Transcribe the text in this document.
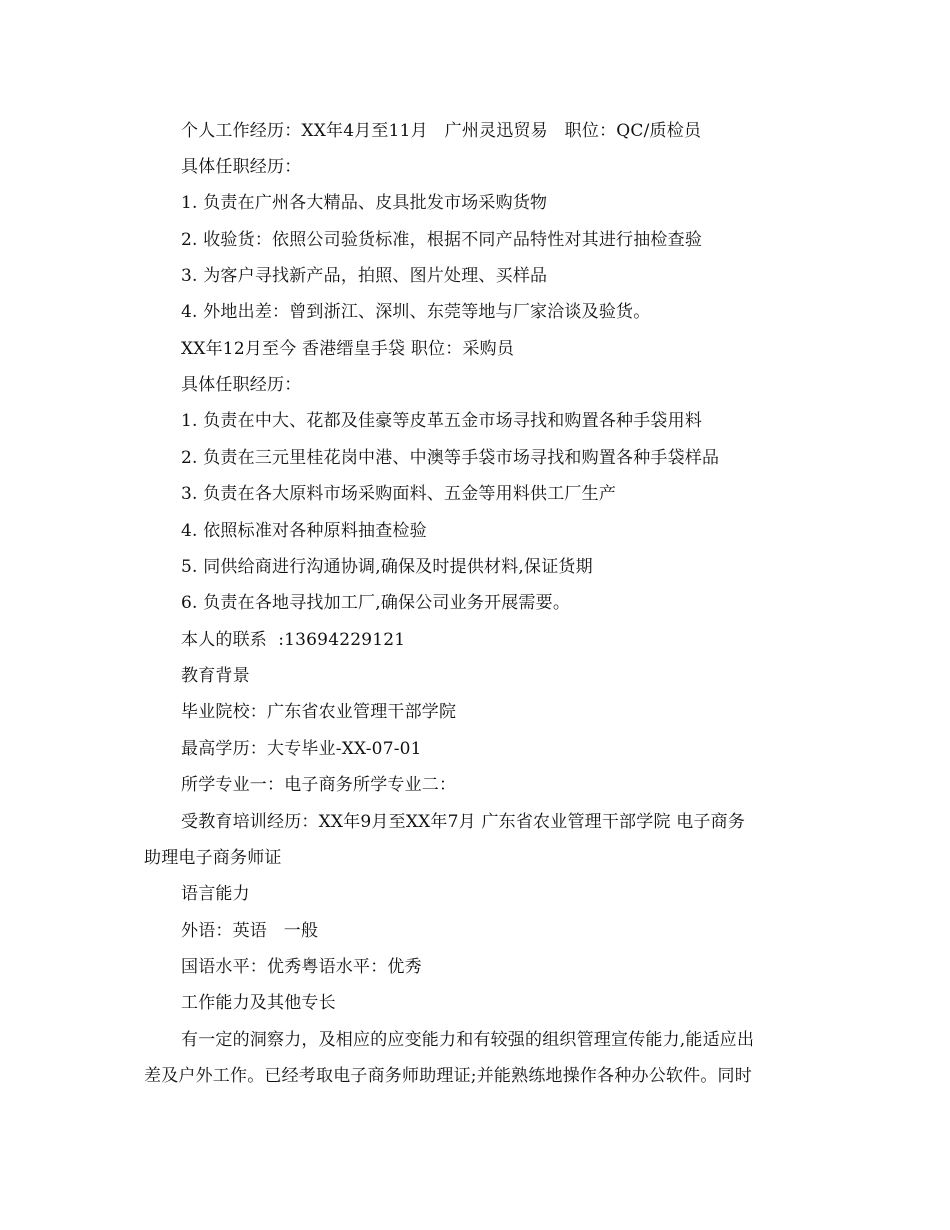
个人工作经历：XX年4月至11月   广州灵迅贸易   职位：QC/质检员
具体任职经历：
1. 负责在广州各大精品、皮具批发市场采购货物
2. 收验货：依照公司验货标准，根据不同产品特性对其进行抽检查验
3. 为客户寻找新产品，拍照、图片处理、买样品
4. 外地出差：曾到浙江、深圳、东莞等地与厂家洽谈及验货。
XX年12月至今 香港缙皇手袋 职位：采购员
具体任职经历：
1. 负责在中大、花都及佳豪等皮革五金市场寻找和购置各种手袋用料
2. 负责在三元里桂花岗中港、中澳等手袋市场寻找和购置各种手袋样品
3. 负责在各大原料市场采购面料、五金等用料供工厂生产
4. 依照标准对各种原料抽查检验
5. 同供给商进行沟通协调,确保及时提供材料,保证货期
6. 负责在各地寻找加工厂,确保公司业务开展需要。
本人的联系  :13694229121
教育背景
毕业院校：广东省农业管理干部学院
最高学历：大专毕业-XX-07-01
所学专业一：电子商务所学专业二：
受教育培训经历：XX年9月至XX年7月 广东省农业管理干部学院 电子商务
助理电子商务师证
语言能力
外语：英语   一般
国语水平：优秀粤语水平：优秀
工作能力及其他专长
有一定的洞察力，及相应的应变能力和有较强的组织管理宣传能力,能适应出
差及户外工作。已经考取电子商务师助理证;并能熟练地操作各种办公软件。同时
